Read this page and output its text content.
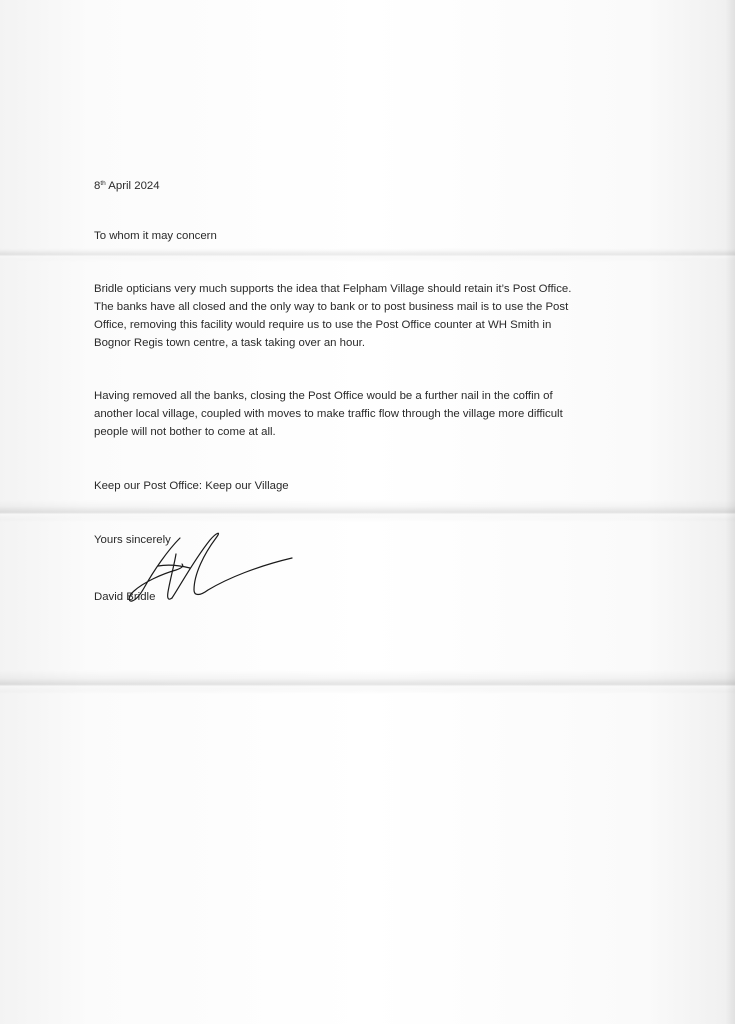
8th April 2024
To whom it may concern
Bridle opticians very much supports the idea that Felpham Village should retain it’s Post Office.
The banks have all closed and the only way to bank or to post business mail is to use the Post
Office, removing this facility would require us to use the Post Office counter at WH Smith in
Bognor Regis town centre, a task taking over an hour.
Having removed all the banks, closing the Post Office would be a further nail in the coffin of
another local village, coupled with moves to make traffic flow through the village more difficult
people will not bother to come at all.
Keep our Post Office: Keep our Village
Yours sincerely
David Bridle
